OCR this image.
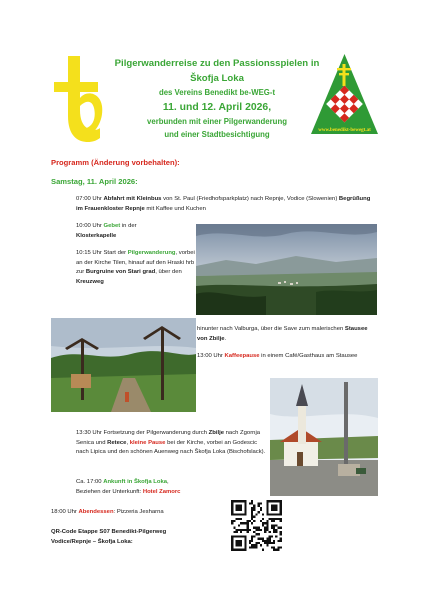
Pilgerwanderreise zu den Passionsspielen in
Škofja Loka
des Vereins Benedikt be-WEG-t
11. und 12. April 2026,
verbunden mit einer Pilgerwanderung
und einer Stadtbesichtigung	www.benedikt-bewegt.at
Programm (Änderung vorbehalten):
Samstag, 11. April 2026:
07:00 Uhr Abfahrt mit Kleinbus von St. Paul (Friedhofsparkplatz) nach Repnje, Vodice (Slowenien) Begrüßung im Frauenkloster Repnje mit Kaffee und Kuchen
10:00 Uhr Gebet in der
Klosterkapelle
10:15 Uhr Start der Pilgerwanderung, vorbei an der Kirche Tilen, hinauf auf den Hraski hrb zur Burgruine von Stari grad, über den Kreuzweg
hinunter nach Valburga, über die Save zum malerischen Stausee von Zbilje.
13:00 Uhr Kaffeepause in einem Café/Gasthaus am Stausee
13:30 Uhr Fortsetzung der Pilgerwanderung durch Zbilje nach Zgornja Senica und Retece, kleine Pause bei der Kirche, vorbei an Godescic nach Lipica und den schönen Auenweg nach Škofja Loka (Bischofslack).
Ca. 17:00 Ankunft in Škofja Loka,
Beziehen der Unterkunft: Hotel Zamorc
18:00 Uhr Abendessen: Pizzeria Jesharna
QR-Code Etappe S07 Benedikt-Pilgerweg
Vodice/Repnje – Škofja Loka:
